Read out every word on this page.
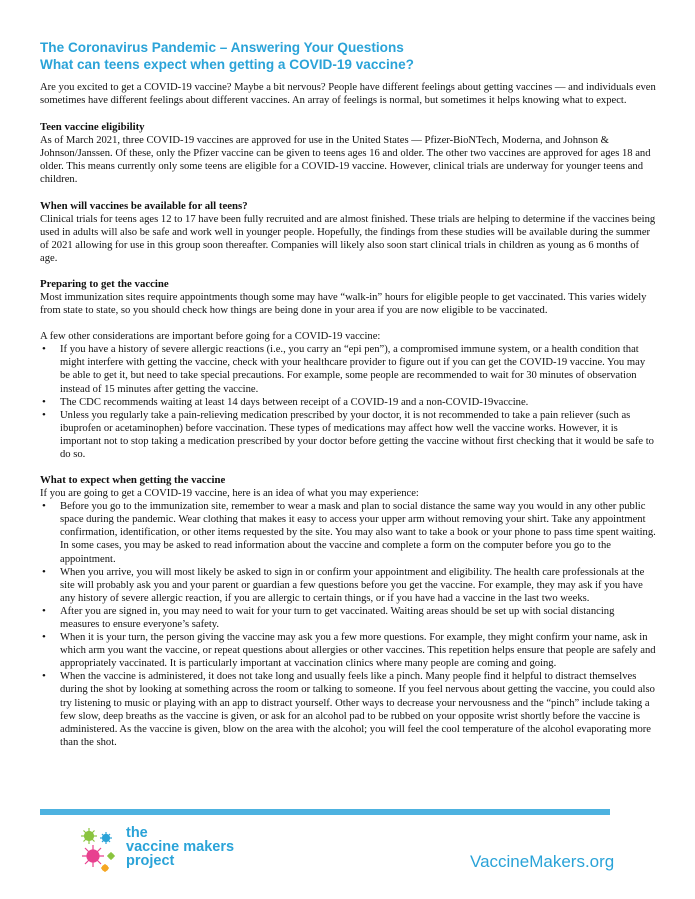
The Coronavirus Pandemic – Answering Your Questions
What can teens expect when getting a COVID-19 vaccine?

Are you excited to get a COVID-19 vaccine? Maybe a bit nervous? People have different feelings about getting vaccines — and individuals even sometimes have different feelings about different vaccines. An array of feelings is normal, but sometimes it helps knowing what to expect.

Teen vaccine eligibility

As of March 2021, three COVID-19 vaccines are approved for use in the United States — Pfizer-BioNTech, Moderna, and Johnson & Johnson/Janssen. Of these, only the Pfizer vaccine can be given to teens ages 16 and older. The other two vaccines are approved for ages 18 and older. This means currently only some teens are eligible for a COVID-19 vaccine. However, clinical trials are underway for younger teens and children.

When will vaccines be available for all teens?

Clinical trials for teens ages 12 to 17 have been fully recruited and are almost finished. These trials are helping to determine if the vaccines being used in adults will also be safe and work well in younger people. Hopefully, the findings from these studies will be available during the summer of 2021 allowing for use in this group soon thereafter. Companies will likely also soon start clinical trials in children as young as 6 months of age.

Preparing to get the vaccine

Most immunization sites require appointments though some may have “walk-in” hours for eligible people to get vaccinated. This varies widely from state to state, so you should check how things are being done in your area if you are now eligible to be vaccinated.

A few other considerations are important before going for a COVID-19 vaccine:

• If you have a history of severe allergic reactions (i.e., you carry an “epi pen”), a compromised immune system, or a health condition that might interfere with getting the vaccine, check with your healthcare provider to figure out if you can get the COVID-19 vaccine. You may be able to get it, but need to take special precautions. For example, some people are recommended to wait for 30 minutes of observation instead of 15 minutes after getting the vaccine.
• The CDC recommends waiting at least 14 days between receipt of a COVID-19 and a non-COVID-19vaccine.
• Unless you regularly take a pain-relieving medication prescribed by your doctor, it is not recommended to take a pain reliever (such as ibuprofen or acetaminophen) before vaccination. These types of medications may affect how well the vaccine works. However, it is important not to stop taking a medication prescribed by your doctor before getting the vaccine without first checking that it would be safe to do so.
What to expect when getting the vaccine

If you are going to get a COVID-19 vaccine, here is an idea of what you may experience:

• Before you go to the immunization site, remember to wear a mask and plan to social distance the same way you would in any other public space during the pandemic. Wear clothing that makes it easy to access your upper arm without removing your shirt. Take any appointment confirmation, identification, or other items requested by the site. You may also want to take a book or your phone to pass time spent waiting. In some cases, you may be asked to read information about the vaccine and complete a form on the computer before you go to the appointment.
• When you arrive, you will most likely be asked to sign in or confirm your appointment and eligibility. The health care professionals at the site will probably ask you and your parent or guardian a few questions before you get the vaccine. For example, they may ask if you have any history of severe allergic reaction, if you are allergic to certain things, or if you have had a vaccine in the last two weeks.
• After you are signed in, you may need to wait for your turn to get vaccinated. Waiting areas should be set up with social distancing measures to ensure everyone’s safety.
• When it is your turn, the person giving the vaccine may ask you a few more questions. For example, they might confirm your name, ask in which arm you want the vaccine, or repeat questions about allergies or other vaccines. This repetition helps ensure that people are safely and appropriately vaccinated. It is particularly important at vaccination clinics where many people are coming and going.
• When the vaccine is administered, it does not take long and usually feels like a pinch. Many people find it helpful to distract themselves during the shot by looking at something across the room or talking to someone. If you feel nervous about getting the vaccine, you could also try listening to music or playing with an app to distract yourself. Other ways to decrease your nervousness and the “pinch” include taking a few slow, deep breaths as the vaccine is given, or ask for an alcohol pad to be rubbed on your opposite wrist shortly before the vaccine is administered. As the vaccine is given, blow on the area with the alcohol; you will feel the cool temperature of the alcohol evaporating more than the shot.
the
vaccine makers
project	VaccineMakers.org
